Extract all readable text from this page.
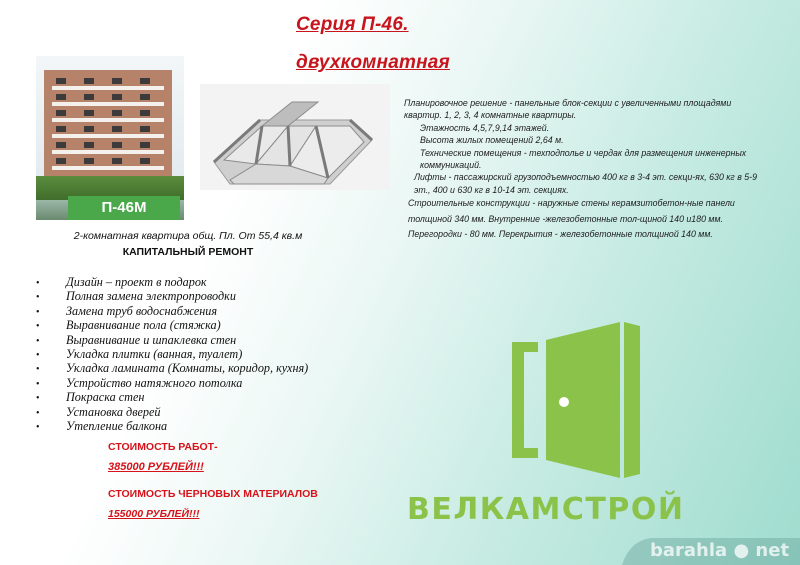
Серия П-46.
двухкомнатная
П-46М

Планировочное решение - панельные блок-секции с увеличенными площадями квартир. 1, 2, 3, 4 комнатные квартиры.

Этажность 4,5,7,9,14 этажей.

Высота жилых помещений 2,64 м.

Технические помещения - техподполье и чердак для размещения инженерных коммуникаций.

Лифты - пассажирский грузоподъемностью 400 кг в 3-4 эт. секци-ях, 630 кг в 5-9 эт., 400 и 630 кг в 10-14 эт. секциях.

Строительные конструкции - наружные стены керамзитобетон-ные панели толщиной 340 мм. Внутренние -железобетонные тол-щиной 140 и180 мм. Перегородки - 80 мм. Перекрытия - железобетонные толщиной 140 мм.

2-комнатная квартира общ. Пл. От 55,4 кв.м
КАПИТАЛЬНЫЙ РЕМОНТ
• Дизайн – проект в подарок
• Полная замена электропроводки
• Замена труб водоснабжения
• Выравнивание пола (стяжка)
• Выравнивание и шпаклевка стен
• Укладка плитки (ванная, туалет)
• Укладка ламината (Комнаты, коридор, кухня)
• Устройство натяжного потолка
• Покраска стен
• Установка дверей
• Утепление балкона
СТОИМОСТЬ РАБОТ-
385000 РУБЛЕЙ!!!
СТОИМОСТЬ ЧЕРНОВЫХ МАТЕРИАЛОВ
155000 РУБЛЕЙ!!!	ВЕЛКАМСТРОЙ
barahla ● net
